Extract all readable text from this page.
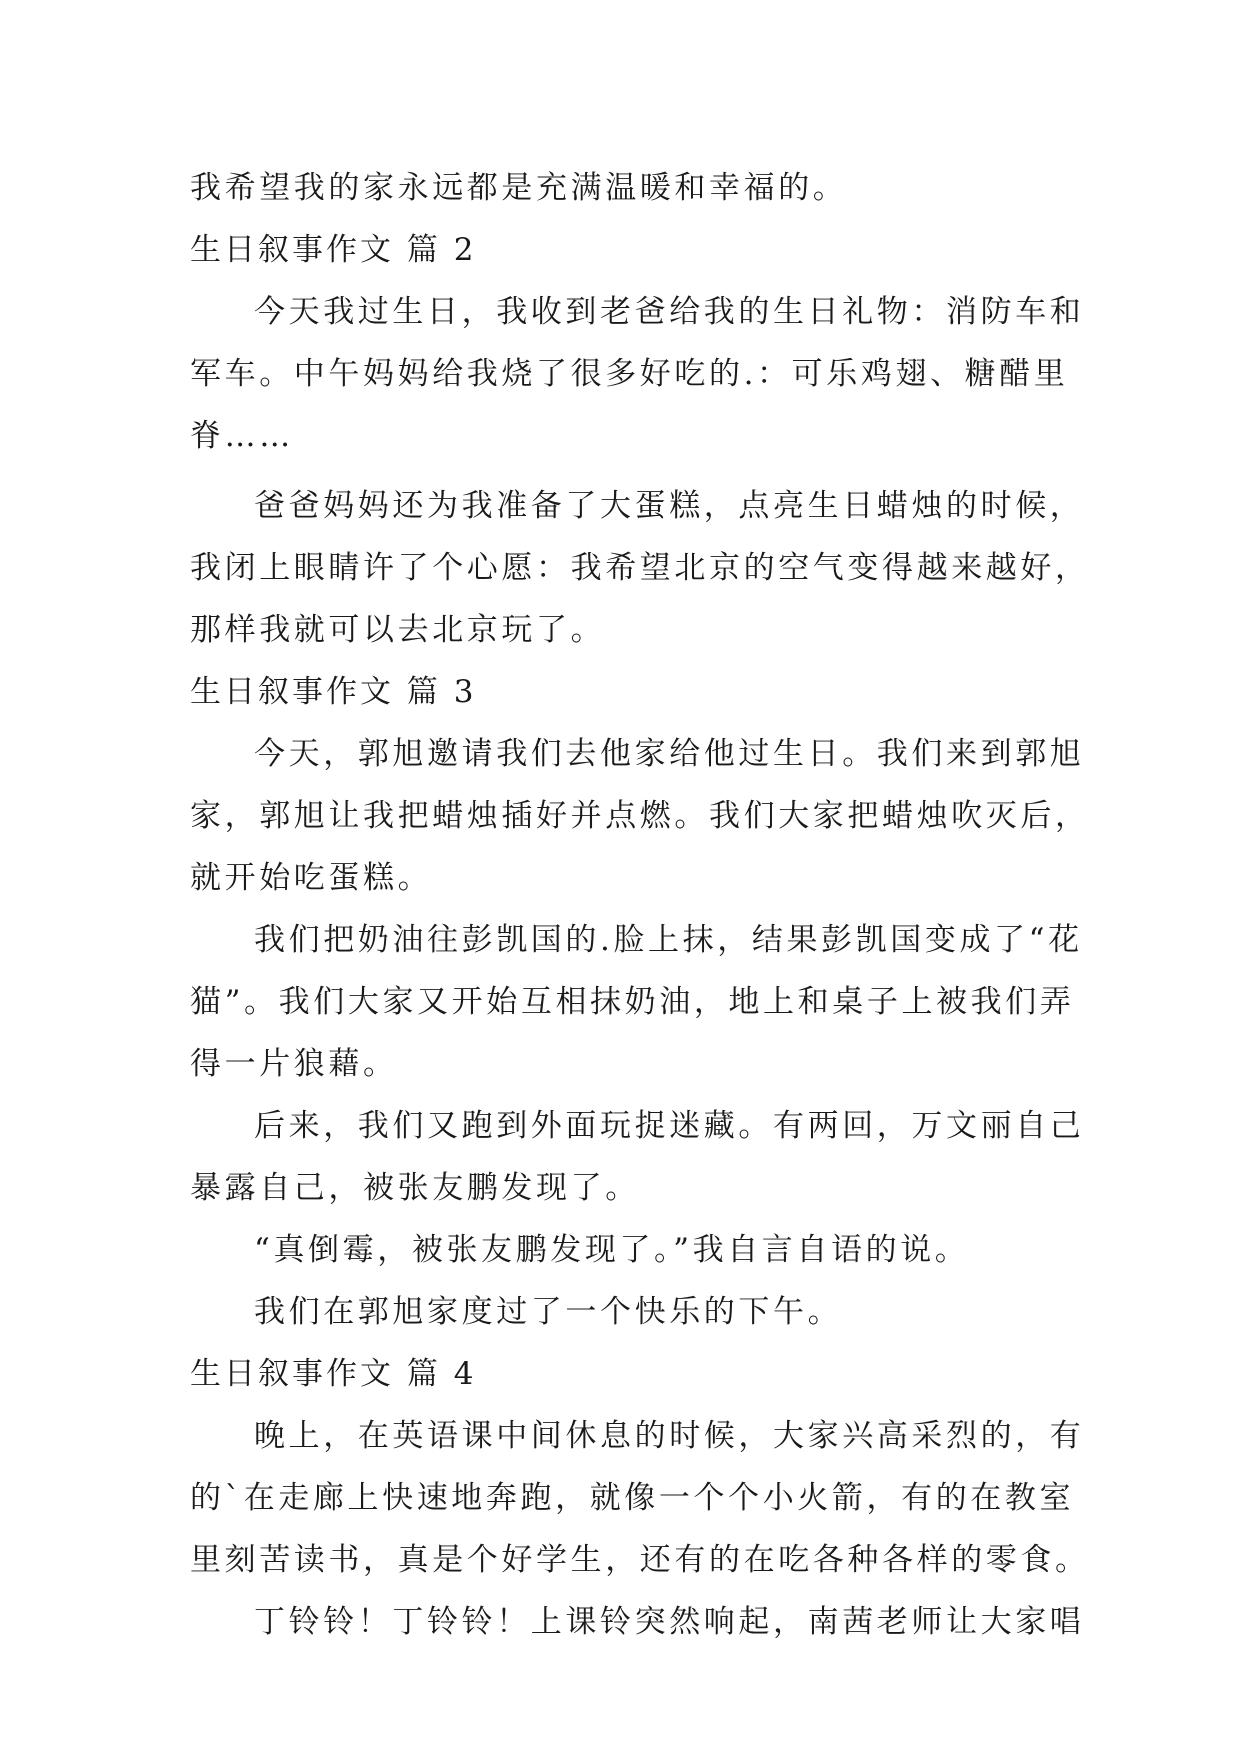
我希望我的家永远都是充满温暖和幸福的。
生日叙事作文 篇 2
今天我过生日，我收到老爸给我的生日礼物：消防车和
军车。中午妈妈给我烧了很多好吃的.：可乐鸡翅、糖醋里
脊……
爸爸妈妈还为我准备了大蛋糕，点亮生日蜡烛的时候，
我闭上眼睛许了个心愿：我希望北京的空气变得越来越好，
那样我就可以去北京玩了。
生日叙事作文 篇 3
今天，郭旭邀请我们去他家给他过生日。我们来到郭旭
家，郭旭让我把蜡烛插好并点燃。我们大家把蜡烛吹灭后，
就开始吃蛋糕。
我们把奶油往彭凯国的.脸上抹，结果彭凯国变成了“花
猫”。我们大家又开始互相抹奶油，地上和桌子上被我们弄
得一片狼藉。
后来，我们又跑到外面玩捉迷藏。有两回，万文丽自己
暴露自己，被张友鹏发现了。
“真倒霉，被张友鹏发现了。”我自言自语的说。
我们在郭旭家度过了一个快乐的下午。
生日叙事作文 篇 4
晚上，在英语课中间休息的时候，大家兴高采烈的，有
的`在走廊上快速地奔跑，就像一个个小火箭，有的在教室
里刻苦读书，真是个好学生，还有的在吃各种各样的零食。
丁铃铃！丁铃铃！上课铃突然响起，南茜老师让大家唱
